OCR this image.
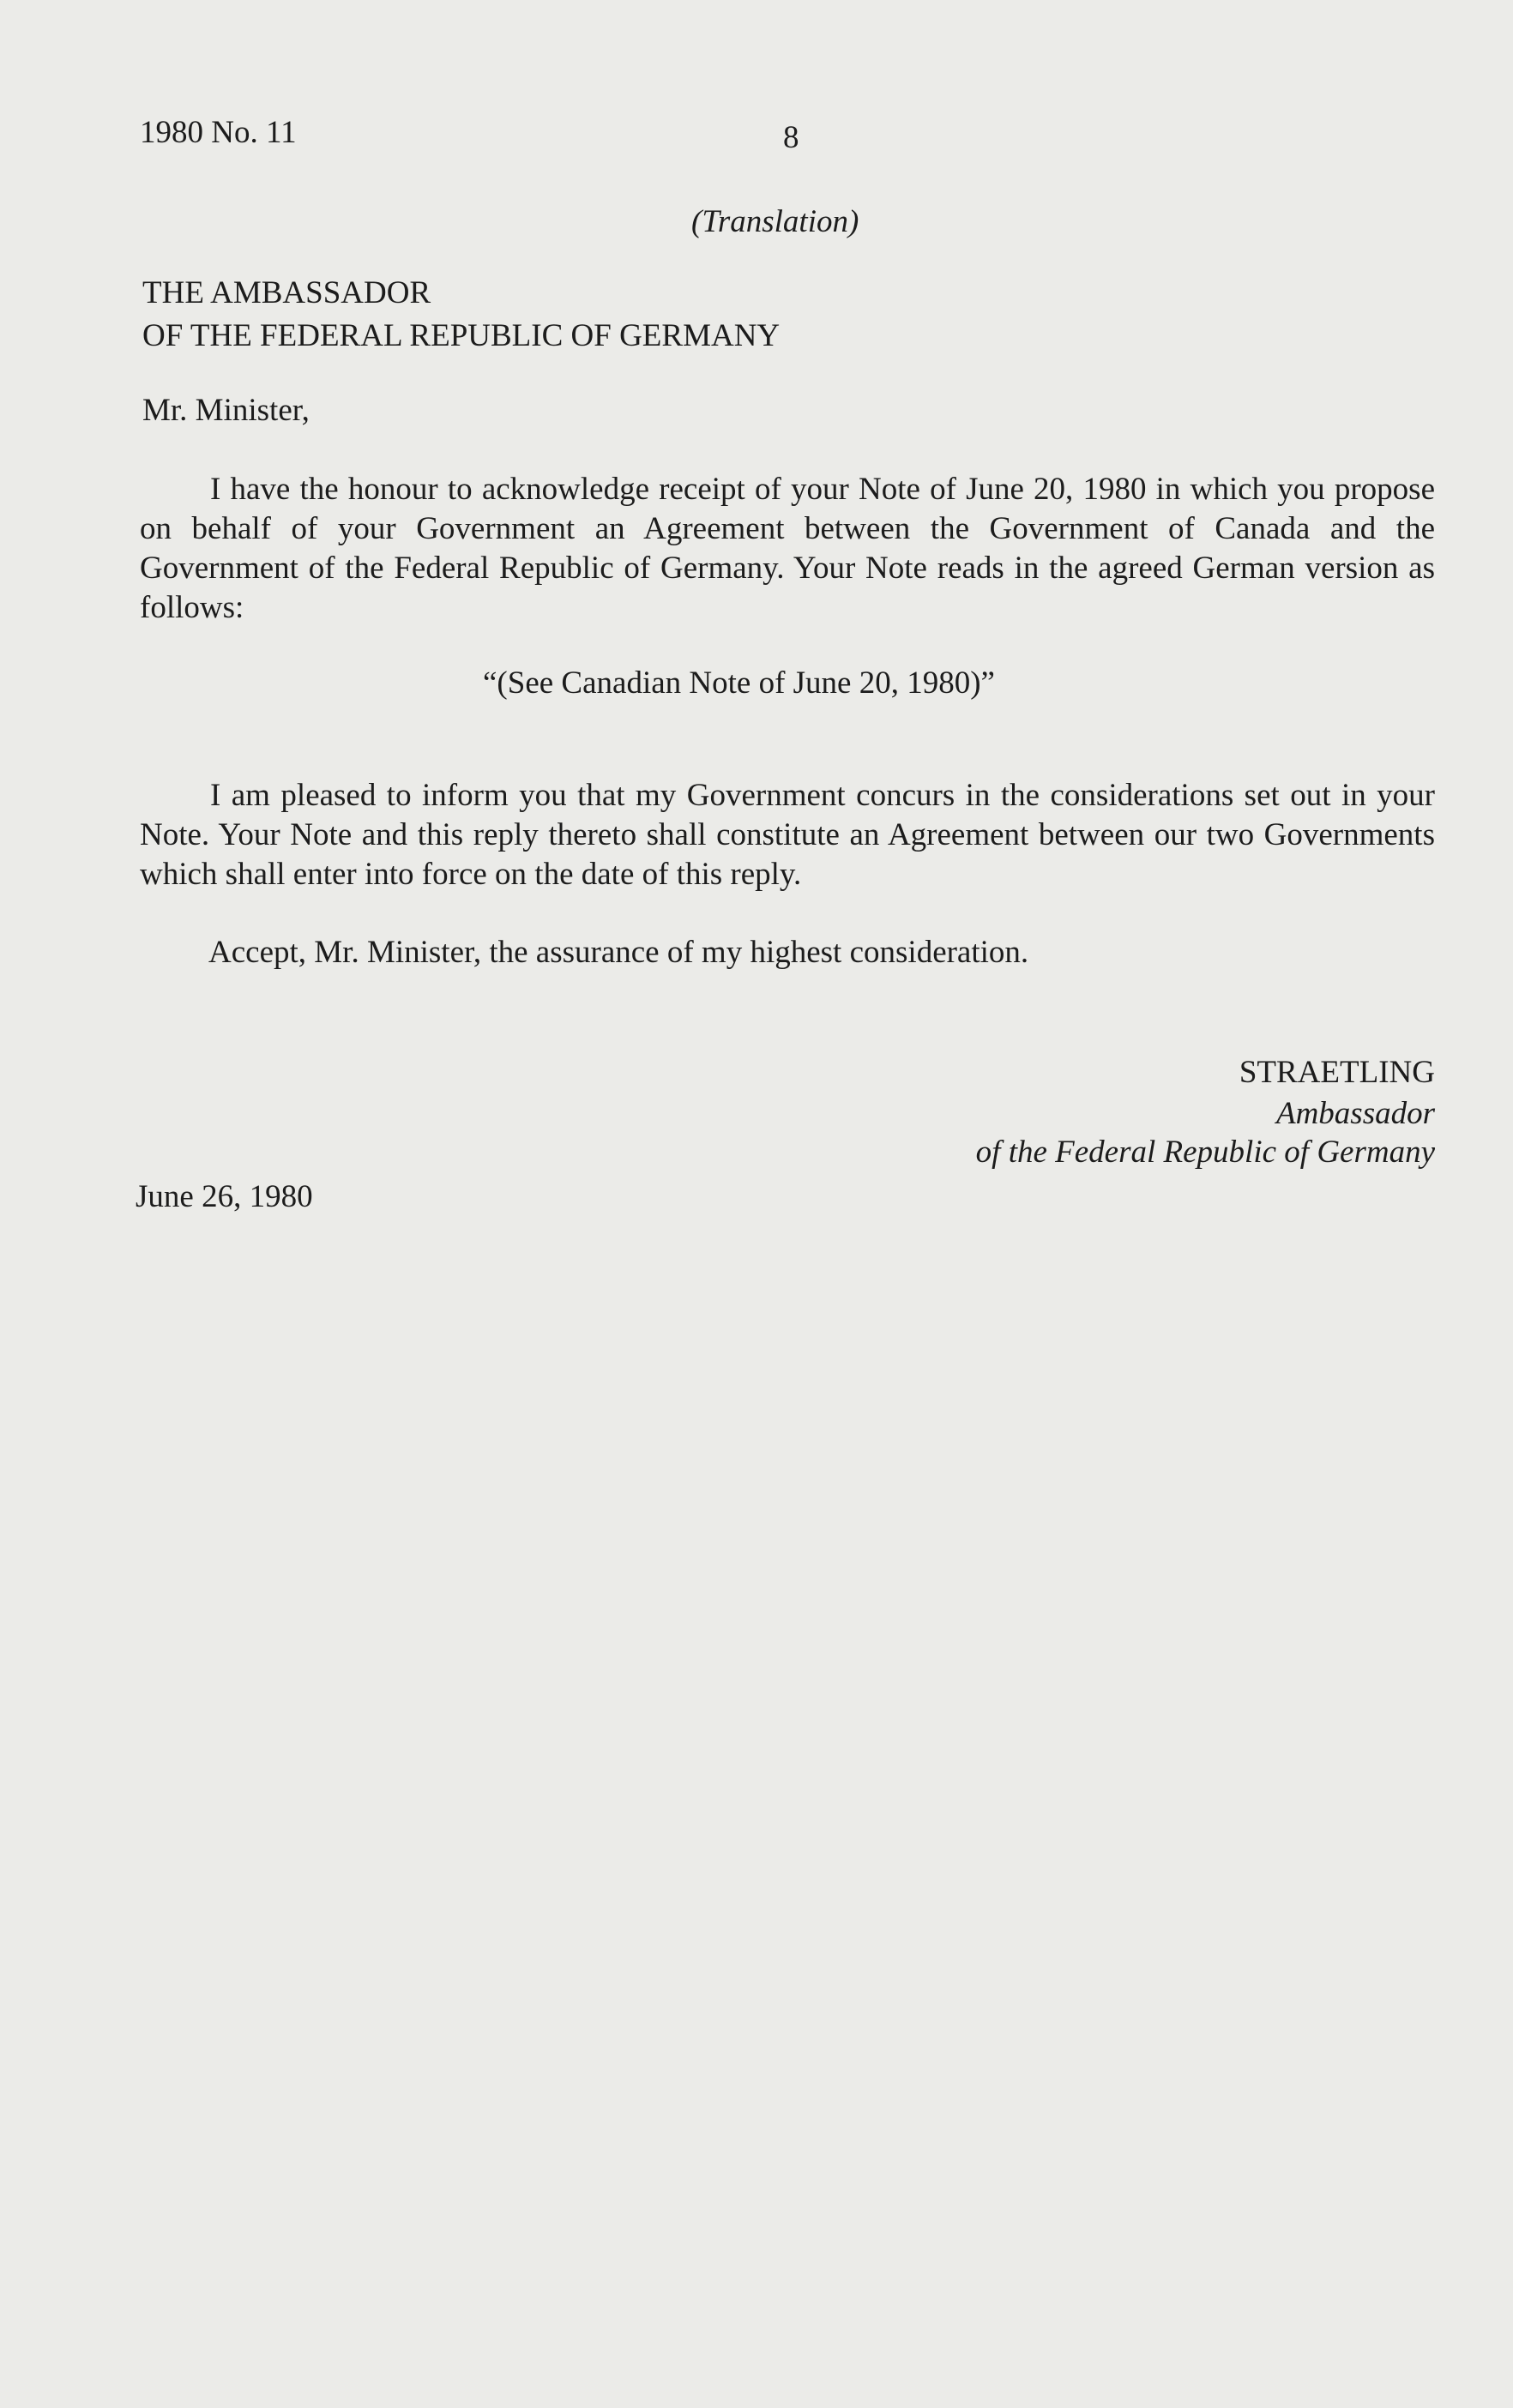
1980 No. 11	8
(Translation)
THE AMBASSADOR
OF THE FEDERAL REPUBLIC OF GERMANY
Mr. Minister,
I have the honour to acknowledge receipt of your Note of June 20, 1980 in which you propose on behalf of your Government an Agreement between the Government of Canada and the Government of the Federal Republic of Germany. Your Note reads in the agreed German version as follows:
“(See Canadian Note of June 20, 1980)”
I am pleased to inform you that my Government concurs in the considerations set out in your Note. Your Note and this reply thereto shall constitute an Agreement between our two Governments which shall enter into force on the date of this reply.
Accept, Mr. Minister, the assurance of my highest consideration.
STRAETLING
Ambassador
of the Federal Republic of Germany
June 26, 1980
